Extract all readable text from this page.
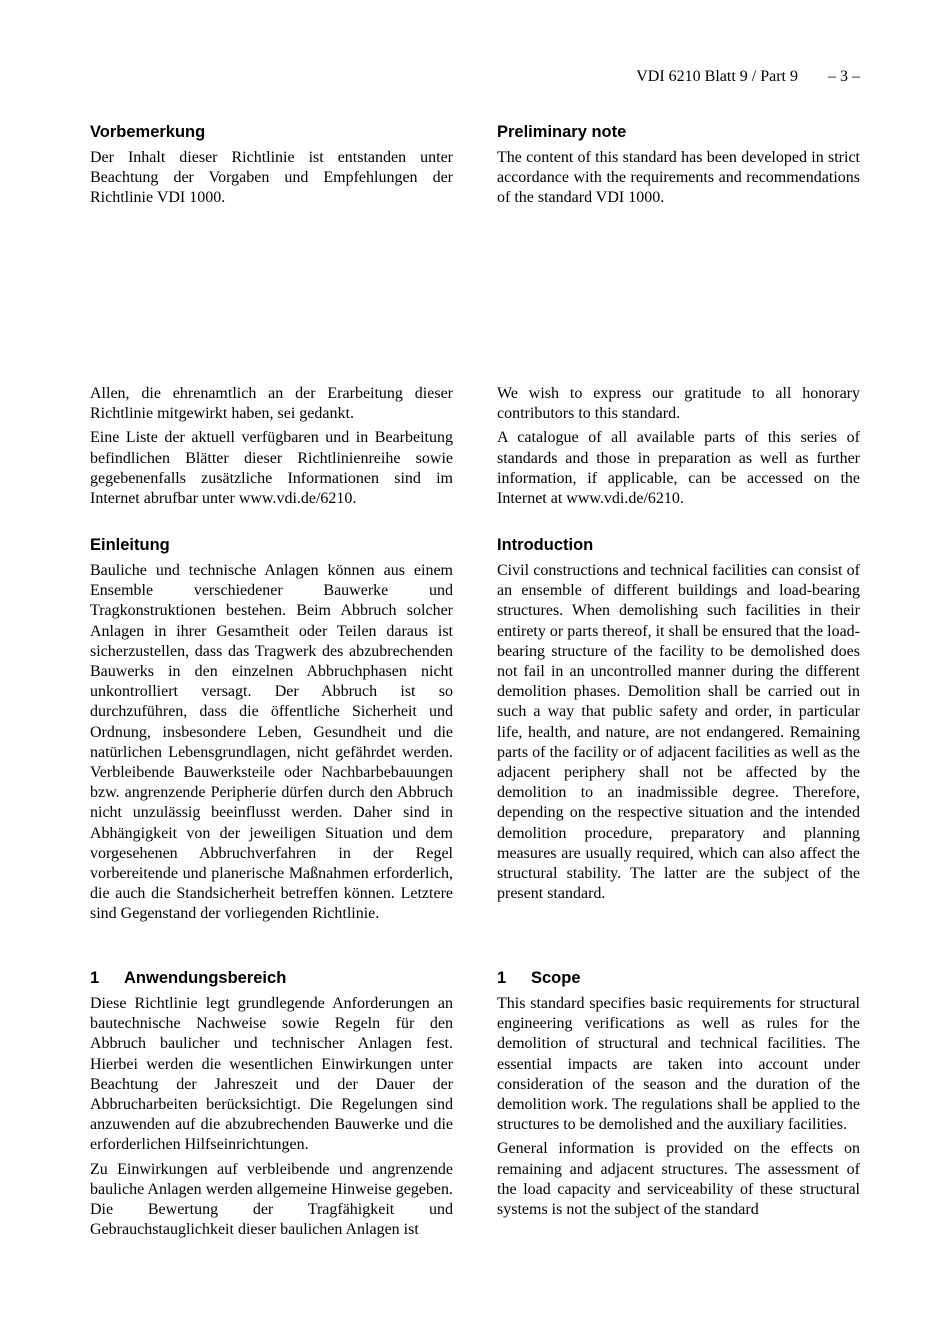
VDI 6210 Blatt 9 / Part 9 – 3 –
Vorbemerkung

Der Inhalt dieser Richtlinie ist entstanden unter Beachtung der Vorgaben und Empfehlungen der Richtlinie VDI 1000.

Allen, die ehrenamtlich an der Erarbeitung dieser Richtlinie mitgewirkt haben, sei gedankt.

Eine Liste der aktuell verfügbaren und in Bearbeitung befindlichen Blätter dieser Richtlinienreihe sowie gegebenenfalls zusätzliche Informationen sind im Internet abrufbar unter www.vdi.de/6210.

Einleitung

Bauliche und technische Anlagen können aus einem Ensemble verschiedener Bauwerke und Tragkonstruktionen bestehen. Beim Abbruch solcher Anlagen in ihrer Gesamtheit oder Teilen daraus ist sicherzustellen, dass das Tragwerk des abzubrechenden Bauwerks in den einzelnen Abbruchphasen nicht unkontrolliert versagt. Der Abbruch ist so durchzuführen, dass die öffentliche Sicherheit und Ordnung, insbesondere Leben, Gesundheit und die natürlichen Lebensgrundlagen, nicht gefährdet werden. Verbleibende Bauwerksteile oder Nachbarbebauungen bzw. angrenzende Peripherie dürfen durch den Abbruch nicht unzulässig beeinflusst werden. Daher sind in Abhängigkeit von der jeweiligen Situation und dem vorgesehenen Abbruchverfahren in der Regel vorbereitende und planerische Maßnahmen erforderlich, die auch die Standsicherheit betreffen können. Letztere sind Gegenstand der vorliegenden Richtlinie.

1 Anwendungsbereich

Diese Richtlinie legt grundlegende Anforderungen an bautechnische Nachweise sowie Regeln für den Abbruch baulicher und technischer Anlagen fest. Hierbei werden die wesentlichen Einwirkungen unter Beachtung der Jahreszeit und der Dauer der Abbrucharbeiten berücksichtigt. Die Regelungen sind anzuwenden auf die abzubrechenden Bauwerke und die erforderlichen Hilfseinrichtungen.

Zu Einwirkungen auf verbleibende und angrenzende bauliche Anlagen werden allgemeine Hinweise gegeben. Die Bewertung der Tragfähigkeit und Gebrauchstauglichkeit dieser baulichen Anlagen ist

Preliminary note

The content of this standard has been developed in strict accordance with the requirements and recommendations of the standard VDI 1000.

We wish to express our gratitude to all honorary contributors to this standard.

A catalogue of all available parts of this series of standards and those in preparation as well as further information, if applicable, can be accessed on the Internet at www.vdi.de/6210.

Introduction

Civil constructions and technical facilities can consist of an ensemble of different buildings and load-bearing structures. When demolishing such facilities in their entirety or parts thereof, it shall be ensured that the load-bearing structure of the facility to be demolished does not fail in an uncontrolled manner during the different demolition phases. Demolition shall be carried out in such a way that public safety and order, in particular life, health, and nature, are not endangered. Remaining parts of the facility or of adjacent facilities as well as the adjacent periphery shall not be affected by the demolition to an inadmissible degree. Therefore, depending on the respective situation and the intended demolition procedure, preparatory and planning measures are usually required, which can also affect the structural stability. The latter are the subject of the present standard.

1 Scope

This standard specifies basic requirements for structural engineering verifications as well as rules for the demolition of structural and technical facilities. The essential impacts are taken into account under consideration of the season and the duration of the demolition work. The regulations shall be applied to the structures to be demolished and the auxiliary facilities.

General information is provided on the effects on remaining and adjacent structures. The assessment of the load capacity and serviceability of these structural systems is not the subject of the standard
